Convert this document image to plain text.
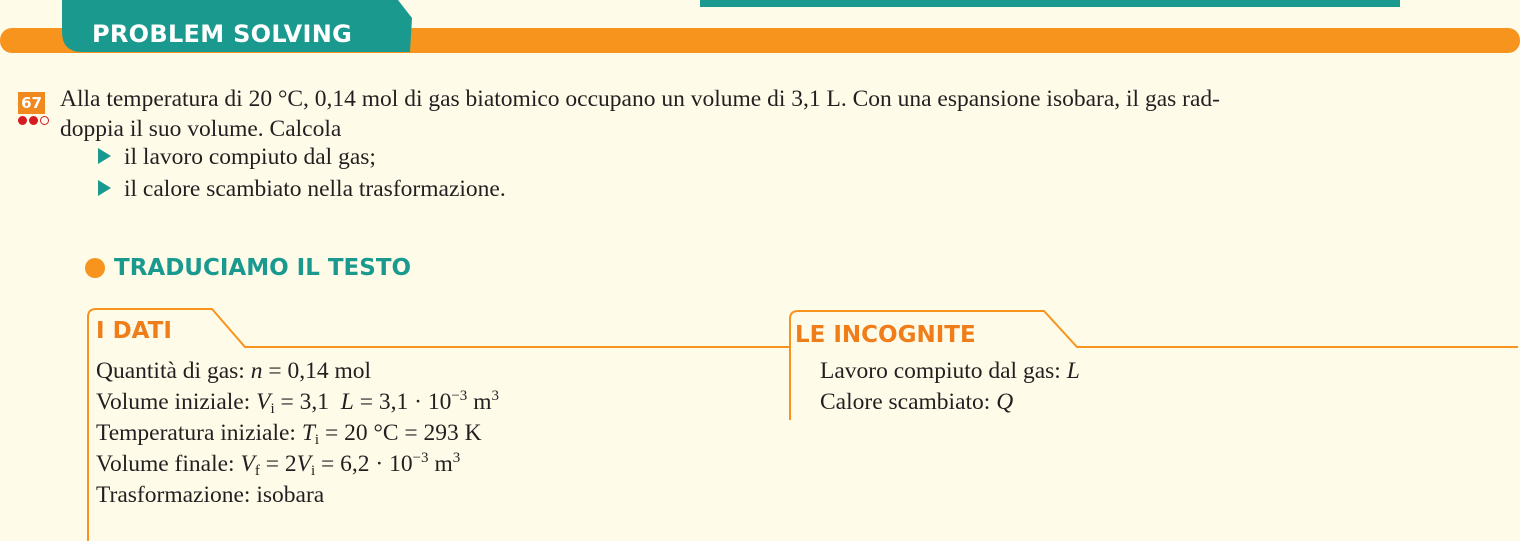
PROBLEM SOLVING
67 Alla temperatura di 20 °C, 0,14 mol di gas biatomico occupano un volume di 3,1 L. Con una espansione isobara, il gas rad-
doppia il suo volume. Calcola
il lavoro compiuto dal gas;
il calore scambiato nella trasformazione.
TRADUCIAMO IL TESTO
I DATI
Quantità di gas: n = 0,14 mol
Volume iniziale: $V_i = 3,1$  $L = 3,1 \cdot 10^{-3}$ $m^3$
Temperatura iniziale: $T_i = 20$ °C = 293 K
Volume finale: $V_f = 2V_i = 6,2 \cdot 10^{-3}$ $m^3$
Trasformazione: isobara
LE INCOGNITE
Lavoro compiuto dal gas: L
Calore scambiato: Q
